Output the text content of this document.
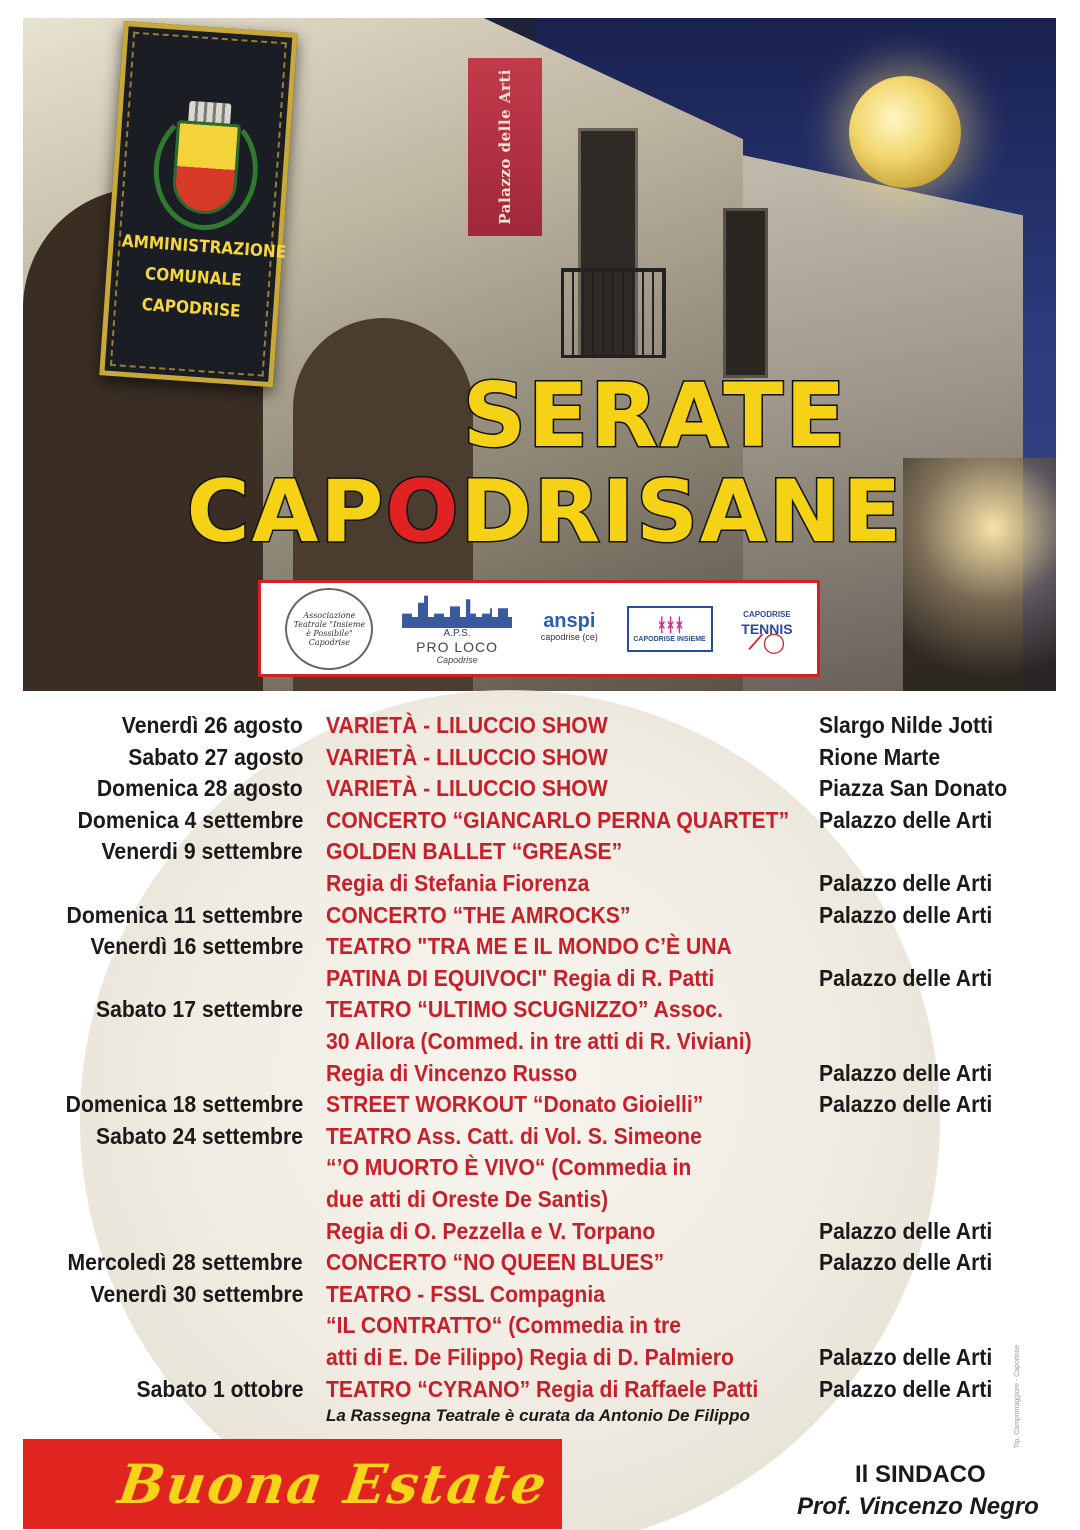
Palazzo delle Arti
AMMINISTRAZIONE
COMUNALE
CAPODRISE
SERATE
CAPODRISANE
Associazione Teatrale "Insieme è Possibile" Capodrise
A.P.S.
PRO LOCO
Capodrise
anspi
capodrise (ce)
ᚼᚼᚼ
CAPODRISE INSIEME
CAPODRISE
TENNIS
⟋◯
Venerdì 26 agosto VARIETÀ - LILUCCIO SHOW	Slargo Nilde Jotti
Sabato 27 agosto VARIETÀ - LILUCCIO SHOW	Rione Marte
Domenica 28 agosto VARIETÀ - LILUCCIO SHOW	Piazza San Donato
Domenica 4 settembre CONCERTO “GIANCARLO PERNA QUARTET” Palazzo delle Arti
Venerdi 9 settembre GOLDEN BALLET “GREASE”
Regia di Stefania Fiorenza	Palazzo delle Arti
Domenica 11 settembre CONCERTO “THE AMROCKS”	Palazzo delle Arti
Venerdì 16 settembre TEATRO "TRA ME E IL MONDO C’È UNA
PATINA DI EQUIVOCI" Regia di R. Patti	Palazzo delle Arti
Sabato 17 settembre TEATRO “ULTIMO SCUGNIZZO” Assoc.
30 Allora (Commed. in tre atti di R. Viviani)
Regia di Vincenzo Russo	Palazzo delle Arti
Domenica 18 settembre STREET WORKOUT “Donato Gioielli”	Palazzo delle Arti
Sabato 24 settembre TEATRO Ass. Catt. di Vol. S. Simeone
“’O MUORTO È VIVO“ (Commedia in
due atti di Oreste De Santis)
Regia di O. Pezzella e V. Torpano	Palazzo delle Arti
Mercoledì 28 settembre CONCERTO “NO QUEEN BLUES”	Palazzo delle Arti
Venerdì 30 settembre TEATRO - FSSL Compagnia
“IL CONTRATTO“ (Commedia in tre
atti di E. De Filippo) Regia di D. Palmiero	Palazzo delle Arti
Sabato 1 ottobre TEATRO “CYRANO” Regia di Raffaele Patti	Palazzo delle Arti
La Rassegna Teatrale è curata da Antonio De Filippo	Tip. Campomaggiore - Capodrise
Buona Estate	Il SINDACO
Prof. Vincenzo Negro
